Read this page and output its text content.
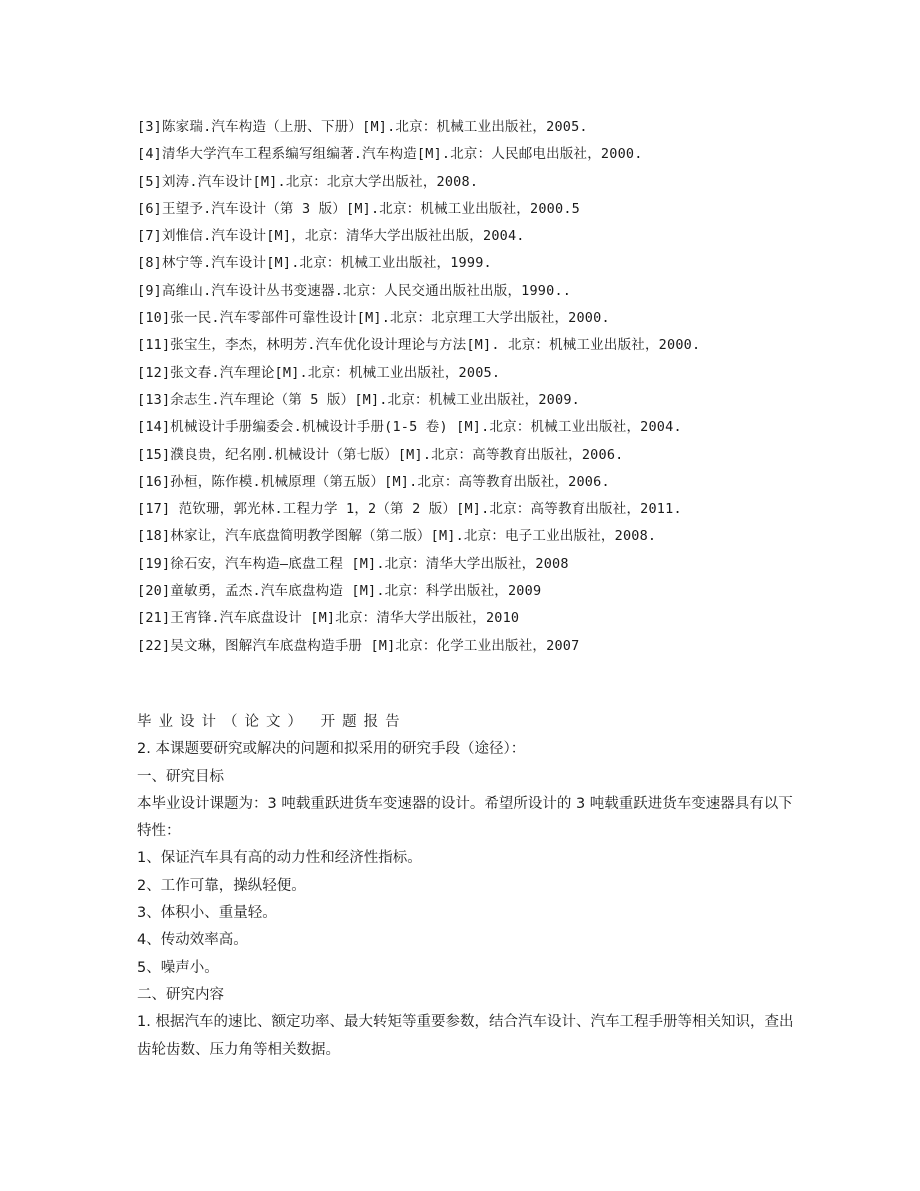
[3]陈家瑞.汽车构造（上册、下册）[M].北京：机械工业出版社，2005.
[4]清华大学汽车工程系编写组编著.汽车构造[M].北京：人民邮电出版社，2000.
[5]刘涛.汽车设计[M].北京：北京大学出版社，2008.
[6]王望予.汽车设计（第 3 版）[M].北京：机械工业出版社，2000.5
[7]刘惟信.汽车设计[M]，北京：清华大学出版社出版，2004.
[8]林宁等.汽车设计[M].北京：机械工业出版社，1999.
[9]高维山.汽车设计丛书变速器.北京：人民交通出版社出版，1990..
[10]张一民.汽车零部件可靠性设计[M].北京：北京理工大学出版社，2000.
[11]张宝生，李杰，林明芳.汽车优化设计理论与方法[M]. 北京：机械工业出版社，2000.
[12]张文春.汽车理论[M].北京：机械工业出版社，2005.
[13]余志生.汽车理论（第 5 版）[M].北京：机械工业出版社，2009.
[14]机械设计手册编委会.机械设计手册(1-5 卷) [M].北京：机械工业出版社，2004.
[15]濮良贵，纪名刚.机械设计（第七版）[M].北京：高等教育出版社，2006.
[16]孙桓，陈作模.机械原理（第五版）[M].北京：高等教育出版社，2006.
[17] 范钦珊，郭光林.工程力学 1，2（第 2 版）[M].北京：高等教育出版社，2011.
[18]林家让，汽车底盘简明教学图解（第二版）[M].北京：电子工业出版社，2008.
[19]徐石安，汽车构造—底盘工程 [M].北京：清华大学出版社，2008
[20]童敏勇，孟杰.汽车底盘构造 [M].北京：科学出版社，2009
[21]王宵锋.汽车底盘设计 [M]北京：清华大学出版社，2010
[22]吴文琳，图解汽车底盘构造手册 [M]北京：化学工业出版社，2007

毕业设计（论文） 开题报告

2. 本课题要研究或解决的问题和拟采用的研究手段（途径）：

一、研究目标

本毕业设计课题为：3 吨载重跃进货车变速器的设计。希望所设计的 3 吨载重跃进货车变速器具有以下特性：

1、保证汽车具有高的动力性和经济性指标。

2、工作可靠，操纵轻便。

3、体积小、重量轻。

4、传动效率高。

5、噪声小。

二、研究内容

1. 根据汽车的速比、额定功率、最大转矩等重要参数，结合汽车设计、汽车工程手册等相关知识，查出齿轮齿数、压力角等相关数据。
